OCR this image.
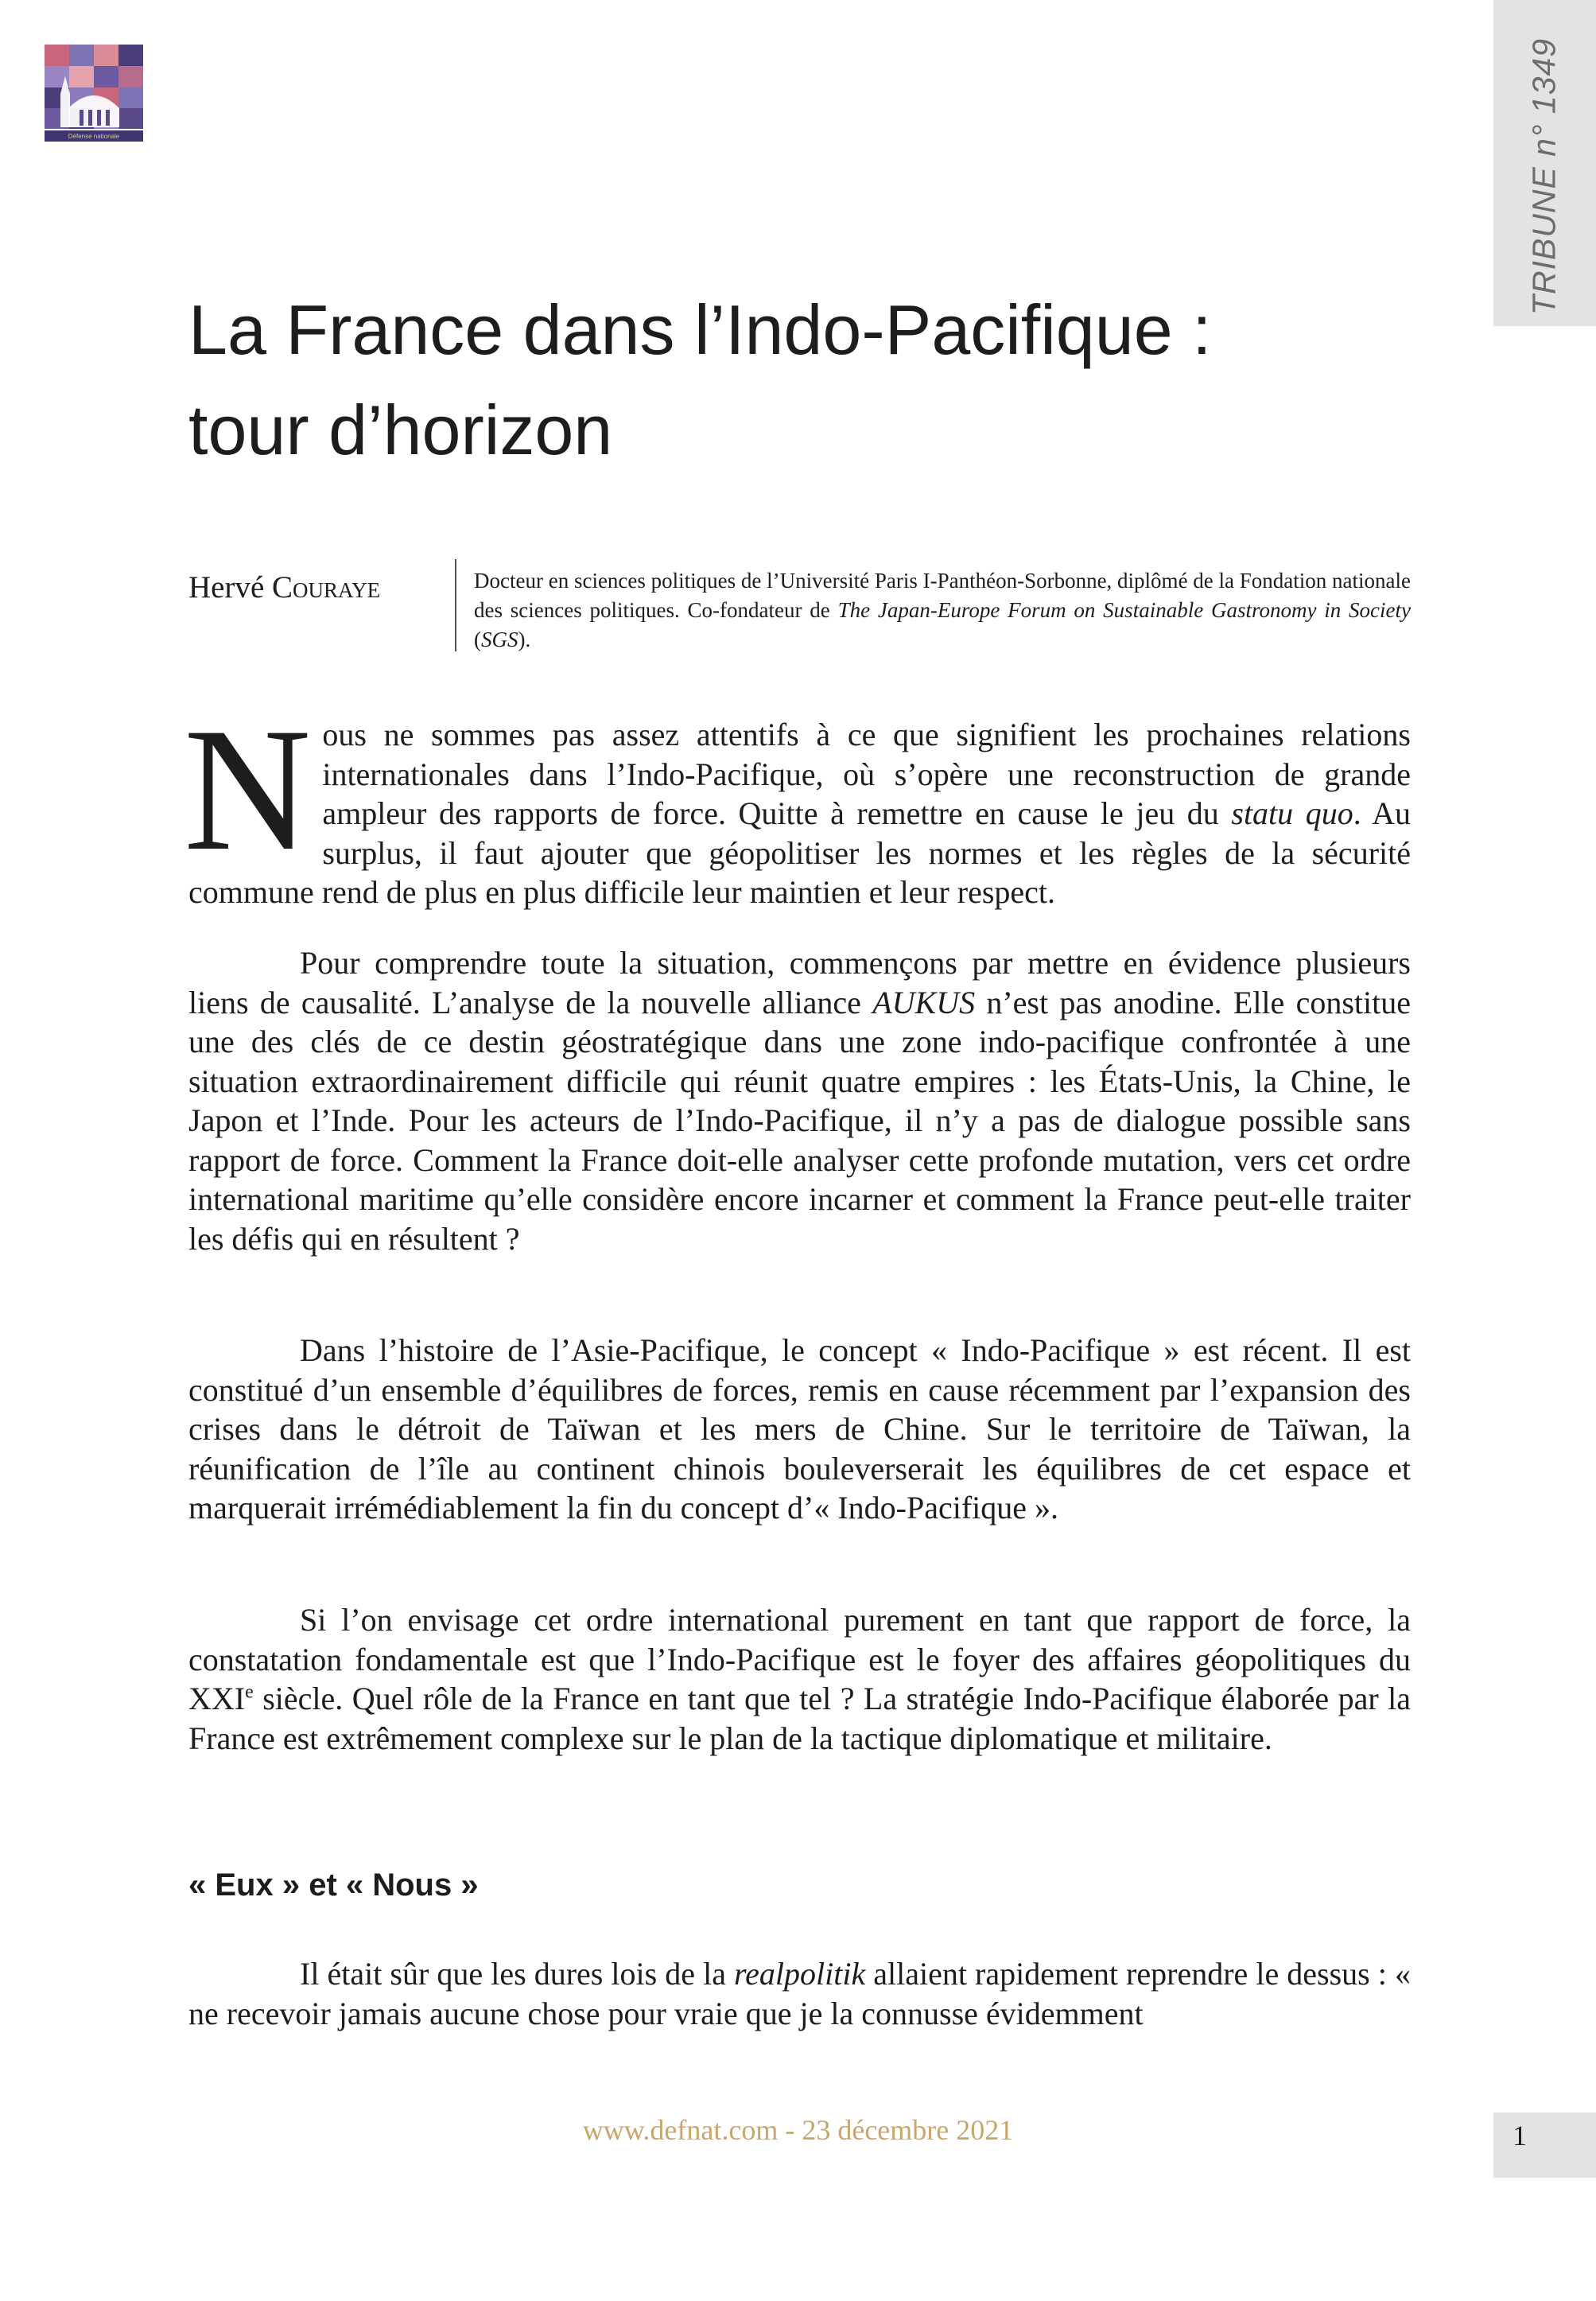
Défense nationale	TRIBUNE n° 1349
La France dans l’Indo-Pacifique :
tour d’horizon
Hervé Couraye	Docteur en sciences politiques de l’Université Paris I-Panthéon-Sorbonne, diplômé de la Fondation nationale des sciences politiques. Co-fondateur de The Japan-Europe Forum on Sustainable Gastronomy in Society (SGS).

Nous ne sommes pas assez attentifs à ce que signifient les prochaines relations internationales dans l’Indo-Pacifique, où s’opère une reconstruction de grande ampleur des rapports de force. Quitte à remettre en cause le jeu du statu quo. Au surplus, il faut ajouter que géopolitiser les normes et les règles de la sécurité commune rend de plus en plus difficile leur maintien et leur respect.

Pour comprendre toute la situation, commençons par mettre en évidence plusieurs liens de causalité. L’analyse de la nouvelle alliance AUKUS n’est pas anodine. Elle constitue une des clés de ce destin géostratégique dans une zone indo-pacifique confrontée à une situation extraordinairement difficile qui réunit quatre empires : les États-Unis, la Chine, le Japon et l’Inde. Pour les acteurs de l’Indo-Pacifique, il n’y a pas de dialogue possible sans rapport de force. Comment la France doit-elle analyser cette profonde mutation, vers cet ordre international maritime qu’elle considère encore incarner et comment la France peut-elle traiter les défis qui en résultent ?

Dans l’histoire de l’Asie-Pacifique, le concept « Indo-Pacifique » est récent. Il est constitué d’un ensemble d’équilibres de forces, remis en cause récemment par l’expansion des crises dans le détroit de Taïwan et les mers de Chine. Sur le territoire de Taïwan, la réunification de l’île au continent chinois bouleverserait les équilibres de cet espace et marquerait irrémédiablement la fin du concept d’« Indo-Pacifique ».

Si l’on envisage cet ordre international purement en tant que rapport de force, la constatation fondamentale est que l’Indo-Pacifique est le foyer des affaires géopolitiques du XXIe siècle. Quel rôle de la France en tant que tel ? La stratégie Indo-Pacifique élaborée par la France est extrêmement complexe sur le plan de la tactique diplomatique et militaire.

« Eux » et « Nous »

Il était sûr que les dures lois de la realpolitik allaient rapidement reprendre le dessus : « ne recevoir jamais aucune chose pour vraie que je la connusse évidemment

www.defnat.com - 23 décembre 2021	1
